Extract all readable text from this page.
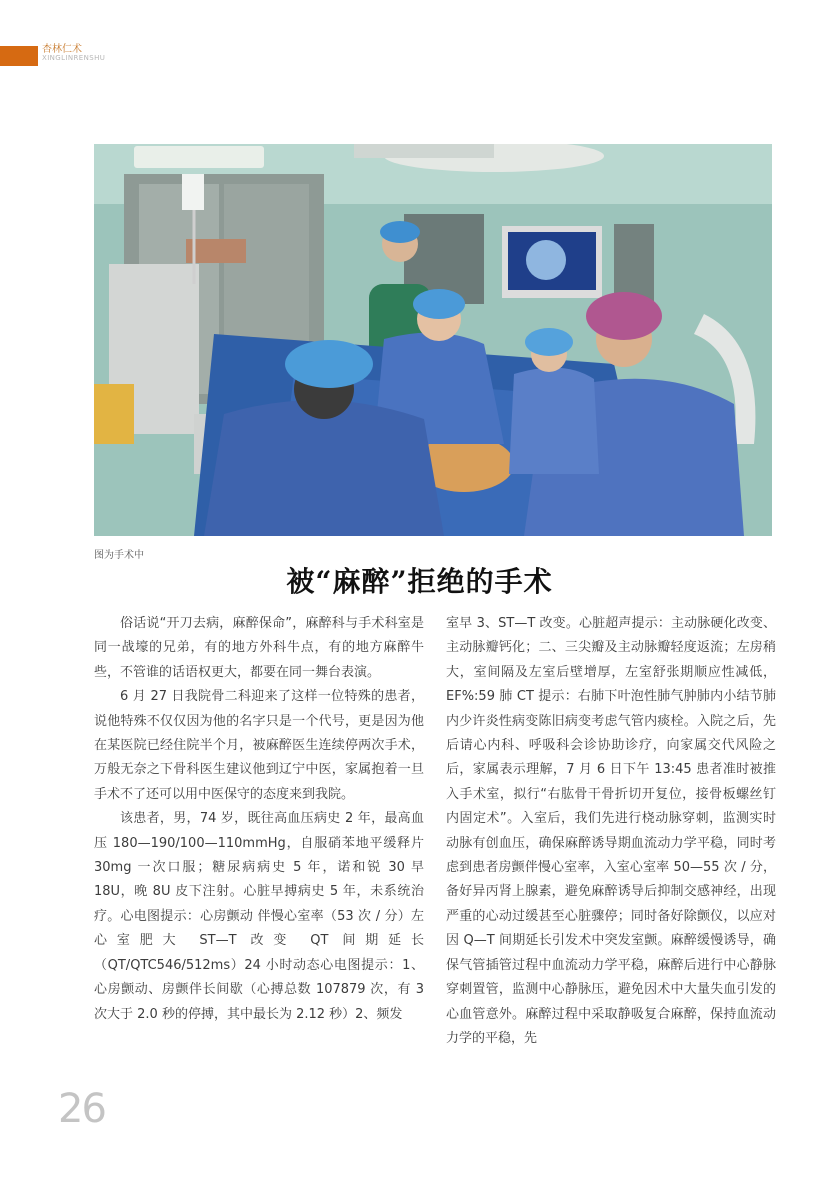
杏林仁术
XINGLINRENSHU
图为手术中
被“麻醉”拒绝的手术

俗话说“开刀去病，麻醉保命”，麻醉科与手术科室是同一战壕的兄弟，有的地方外科牛点，有的地方麻醉牛些，不管谁的话语权更大，都要在同一舞台表演。

6 月 27 日我院骨二科迎来了这样一位特殊的患者，说他特殊不仅仅因为他的名字只是一个代号，更是因为他在某医院已经住院半个月，被麻醉医生连续停两次手术，万般无奈之下骨科医生建议他到辽宁中医，家属抱着一旦手术不了还可以用中医保守的态度来到我院。

该患者，男，74 岁，既往高血压病史 2 年，最高血压 180—190/100—110mmHg，自服硝苯地平缓释片 30mg 一次口服；糖尿病病史 5 年，诺和锐 30 早 18U，晚 8U 皮下注射。心脏早搏病史 5 年，未系统治疗。心电图提示：心房颤动 伴慢心室率（53 次 / 分）左心室肥大 ST—T 改变 QT 间期延长（QT/QTC546/512ms）24 小时动态心电图提示：1、心房颤动、房颤伴长间歇（心搏总数 107879 次，有 3 次大于 2.0 秒的停搏，其中最长为 2.12 秒）2、频发

室早 3、ST—T 改变。心脏超声提示：主动脉硬化改变、主动脉瓣钙化；二、三尖瓣及主动脉瓣轻度返流；左房稍大，室间隔及左室后壁增厚，左室舒张期顺应性减低，EF%:59 肺 CT 提示：右肺下叶泡性肺气肿肺内小结节肺内少许炎性病变陈旧病变考虑气管内痰栓。入院之后，先后请心内科、呼吸科会诊协助诊疗，向家属交代风险之后，家属表示理解，7 月 6 日下午 13:45 患者准时被推入手术室，拟行“右肱骨干骨折切开复位，接骨板螺丝钉内固定术”。入室后，我们先进行桡动脉穿刺，监测实时动脉有创血压，确保麻醉诱导期血流动力学平稳，同时考虑到患者房颤伴慢心室率，入室心室率 50—55 次 / 分，备好异丙肾上腺素，避免麻醉诱导后抑制交感神经，出现严重的心动过缓甚至心脏骤停；同时备好除颤仪，以应对因 Q—T 间期延长引发术中突发室颤。麻醉缓慢诱导，确保气管插管过程中血流动力学平稳，麻醉后进行中心静脉穿刺置管，监测中心静脉压，避免因术中大量失血引发的心血管意外。麻醉过程中采取静吸复合麻醉，保持血流动力学的平稳，先

26
